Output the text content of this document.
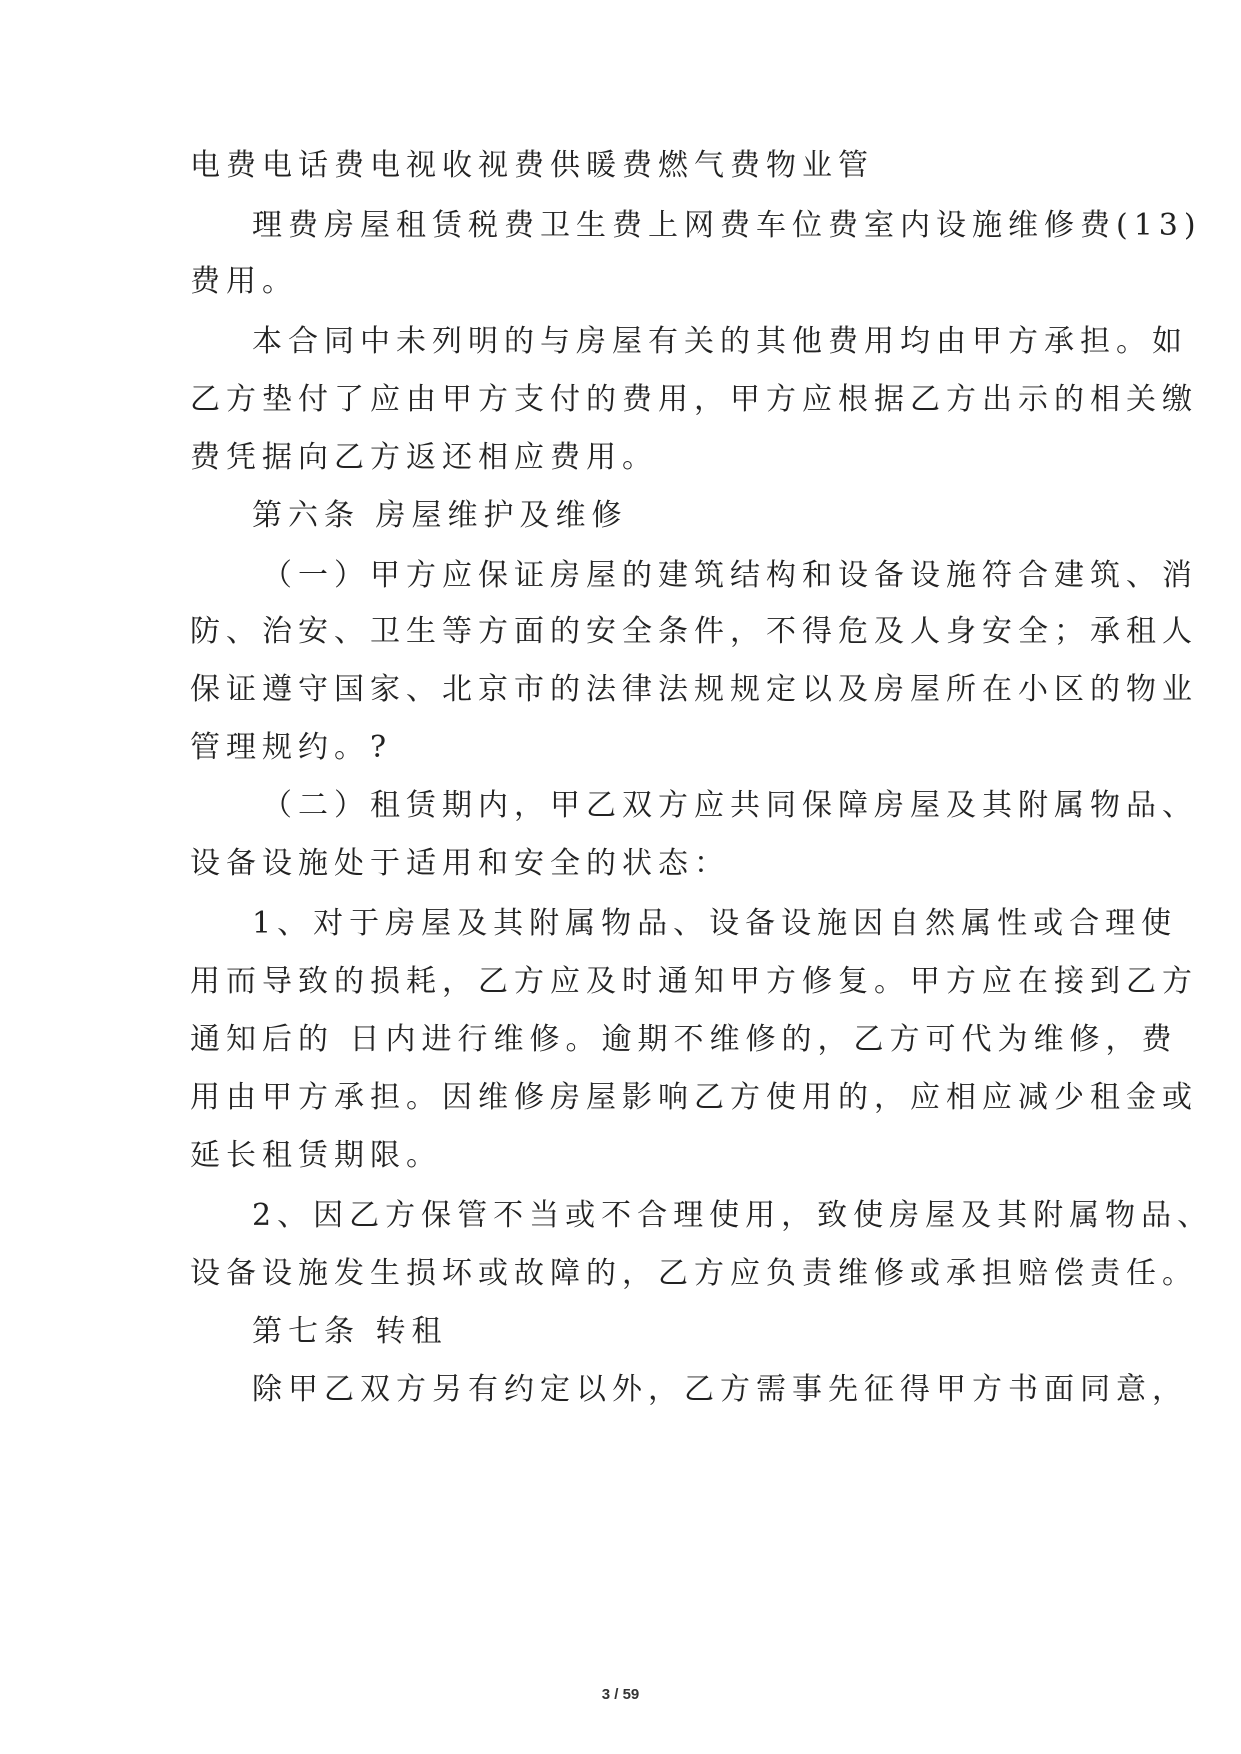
电费电话费电视收视费供暖费燃气费物业管
理费房屋租赁税费卫生费上网费车位费室内设施维修费(13)
费用。
本合同中未列明的与房屋有关的其他费用均由甲方承担。如
乙方垫付了应由甲方支付的费用，甲方应根据乙方出示的相关缴
费凭据向乙方返还相应费用。
第六条 房屋维护及维修
（一）甲方应保证房屋的建筑结构和设备设施符合建筑、消
防、治安、卫生等方面的安全条件，不得危及人身安全；承租人
保证遵守国家、北京市的法律法规规定以及房屋所在小区的物业
管理规约。?
（二）租赁期内，甲乙双方应共同保障房屋及其附属物品、
设备设施处于适用和安全的状态：
1、对于房屋及其附属物品、设备设施因自然属性或合理使
用而导致的损耗，乙方应及时通知甲方修复。甲方应在接到乙方
通知后的 日内进行维修。逾期不维修的，乙方可代为维修，费
用由甲方承担。因维修房屋影响乙方使用的，应相应减少租金或
延长租赁期限。
2、因乙方保管不当或不合理使用，致使房屋及其附属物品、
设备设施发生损坏或故障的，乙方应负责维修或承担赔偿责任。
第七条 转租
除甲乙双方另有约定以外，乙方需事先征得甲方书面同意，
3 / 59
